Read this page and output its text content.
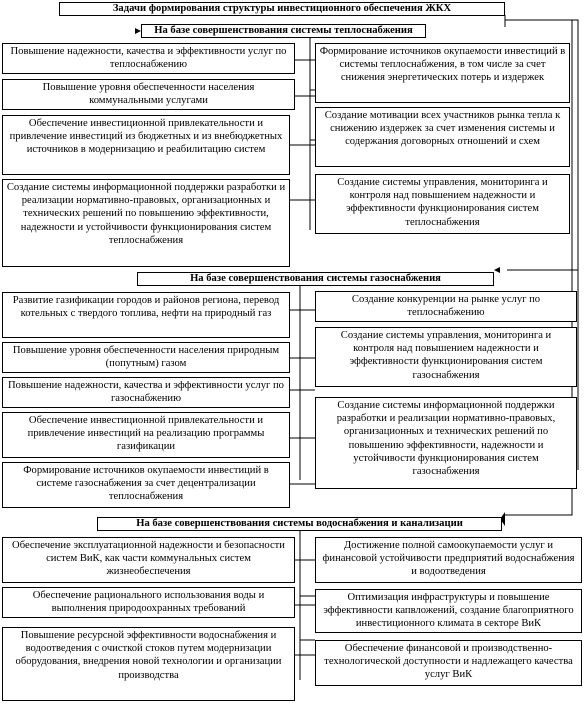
Задачи формирования структуры инвестиционного обеспечения ЖКХ
На базе совершенствования системы теплоснабжения
Повышение надежности, качества и эффективности услуг по теплоснабжению
Повышение уровня обеспеченности населения коммунальными услугами
Обеспечение инвестиционной привлекательности и привлечение инвестиций из бюджетных и из внебюджетных источников в модернизацию и реабилитацию систем
Создание системы информационной поддержки разработки и реализации нормативно-правовых, организационных и технических решений по повышению эффективности, надежности и устойчивости функционирования систем теплоснабжения
Формирование источников окупаемости инвестиций в системы теплоснабжения, в том числе за счет снижения энергетических потерь и издержек
Создание мотивации всех участников рынка тепла к снижению издержек за счет изменения системы и содержания договорных отношений и схем
Создание системы управления, мониторинга и контроля над повышением надежности и эффективности функционирования систем теплоснабжения
На базе совершенствования системы газоснабжения
Развитие газификации городов и районов региона, перевод котельных с твердого топлива, нефти на природный газ
Повышение уровня обеспеченности населения природным (попутным) газом
Повышение надежности, качества и эффективности услуг по газоснабжению
Обеспечение инвестиционной привлекательности и привлечение инвестиций на реализацию программы газификации
Формирование источников окупаемости инвестиций в системе газоснабжения за счет децентрализации теплоснабжения
Создание конкуренции на рынке услуг по теплоснабжению
Создание системы управления, мониторинга и контроля над повышением надежности и эффективности функционирования систем газоснабжения
Создание системы информационной поддержки разработки и реализации нормативно-правовых, организационных и технических решений по повышению эффективности, надежности и устойчивости функционирования систем газоснабжения
На базе совершенствования системы водоснабжения и канализации
Обеспечение эксплуатационной надежности и безопасности систем ВиК, как части коммунальных систем жизнеобеспечения
Обеспечение рационального использования воды и выполнения природоохранных требований
Повышение ресурсной эффективности водоснабжения и водоотведения с очисткой стоков путем модернизации оборудования, внедрения новой технологии и организации производства
Достижение полной самоокупаемости услуг и финансовой устойчивости предприятий водоснабжения и водоотведения
Оптимизация инфраструктуры и повышение эффективности капвложений, создание благоприятного инвестиционного климата в секторе ВиК
Обеспечение финансовой и производственно-технологической доступности и надлежащего качества услуг ВиК
